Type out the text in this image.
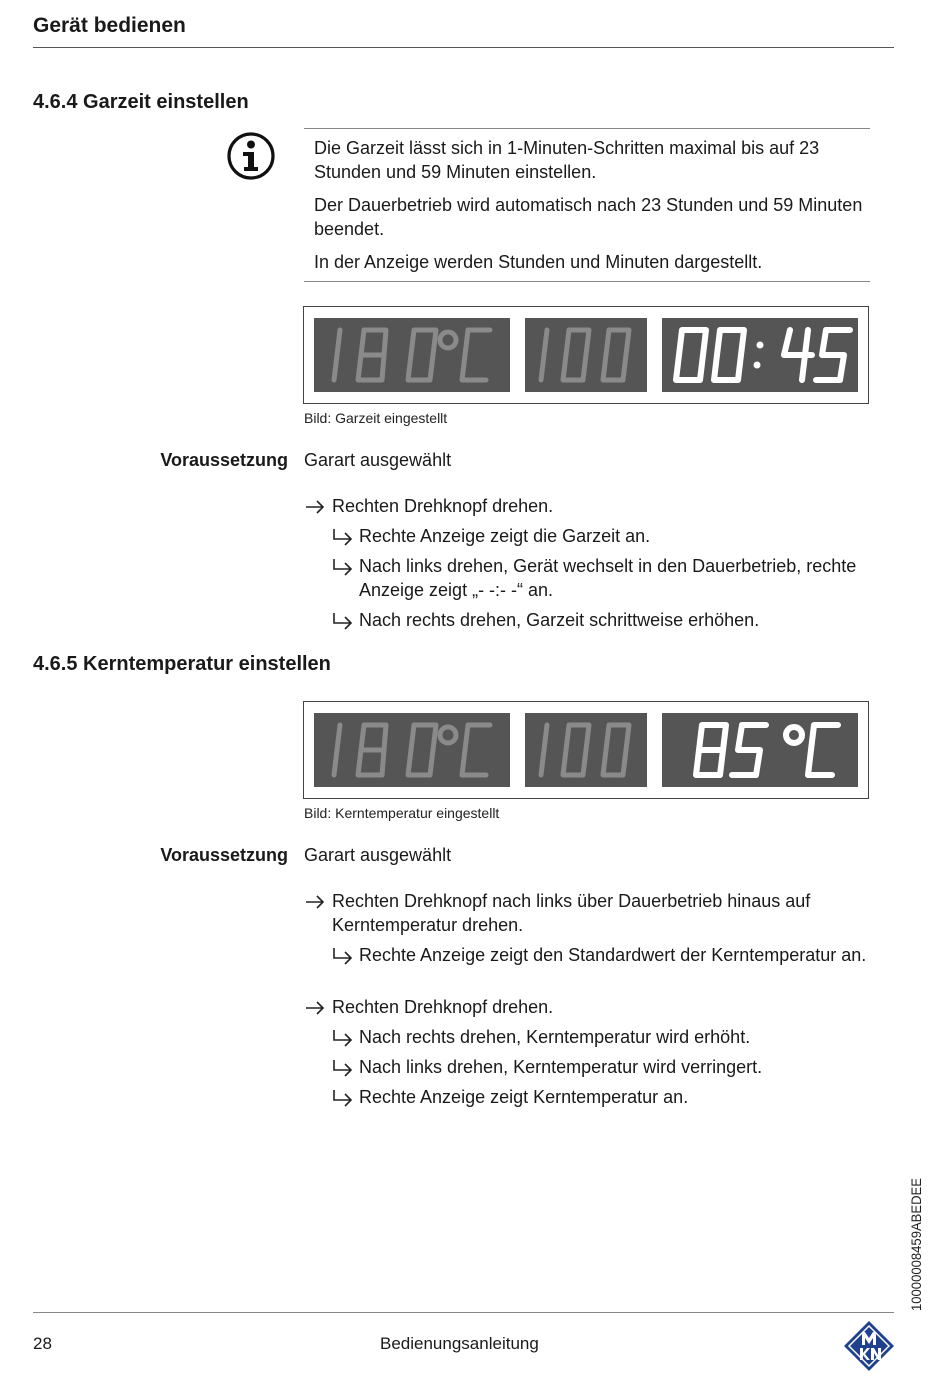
Gerät bedienen
4.6.4 Garzeit einstellen

Die Garzeit lässt sich in 1-Minuten-Schritten maximal bis auf 23 Stunden und 59 Minuten einstellen.

Der Dauerbetrieb wird automatisch nach 23 Stunden und 59 Minuten beendet.

In der Anzeige werden Stunden und Minuten dargestellt.

Bild: Garzeit eingestellt
Voraussetzung Garart ausgewählt
Rechten Drehknopf drehen.
Rechte Anzeige zeigt die Garzeit an.
Nach links drehen, Gerät wechselt in den Dauerbetrieb, rechte Anzeige zeigt „- -:- -“ an.
Nach rechts drehen, Garzeit schrittweise erhöhen.
4.6.5 Kerntemperatur einstellen
Bild: Kerntemperatur eingestellt
Voraussetzung Garart ausgewählt
Rechten Drehknopf nach links über Dauerbetrieb hinaus auf Kerntemperatur drehen.
Rechte Anzeige zeigt den Standardwert der Kerntemperatur an.
Rechten Drehknopf drehen.
Nach rechts drehen, Kerntemperatur wird erhöht.
Nach links drehen, Kerntemperatur wird verringert.
Rechte Anzeige zeigt Kerntemperatur an.
10000008459ABEDEE
28	Bedienungsanleitung
